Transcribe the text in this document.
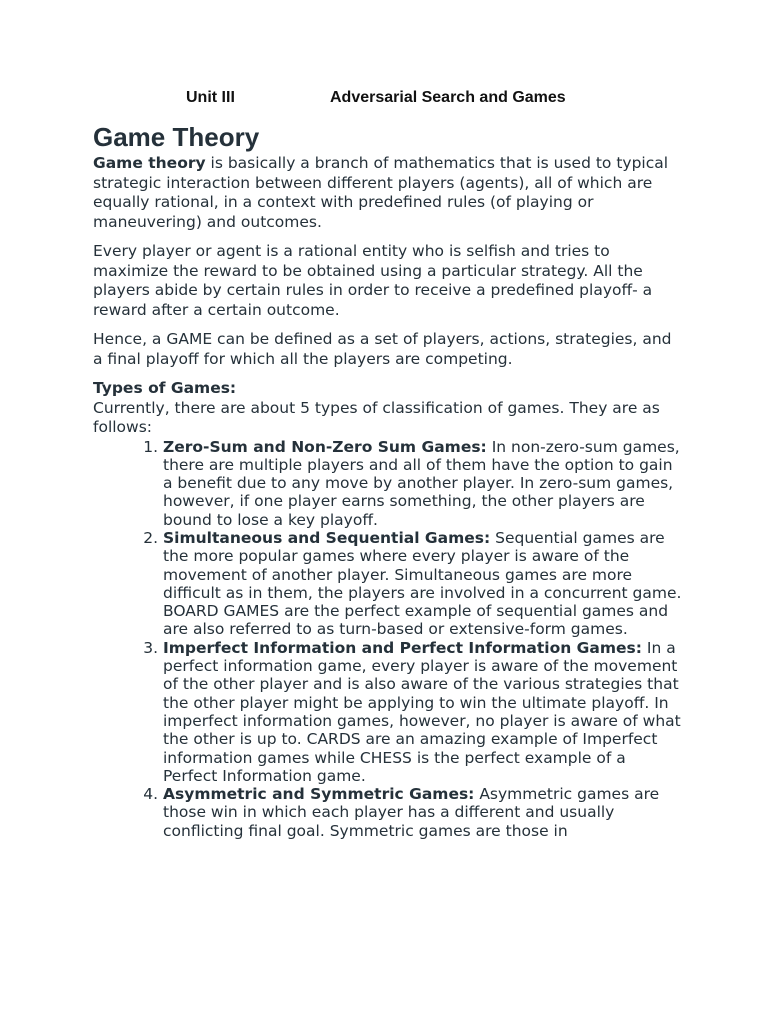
Unit III	Adversarial Search and Games
Game Theory

Game theory is basically a branch of mathematics that is used to typical strategic interaction between different players (agents), all of which are equally rational, in a context with predefined rules (of playing or maneuvering) and outcomes.

Every player or agent is a rational entity who is selfish and tries to maximize the reward to be obtained using a particular strategy. All the players abide by certain rules in order to receive a predefined playoff- a reward after a certain outcome.

Hence, a GAME can be defined as a set of players, actions, strategies, and a final playoff for which all the players are competing.

Types of Games:
Currently, there are about 5 types of classification of games. They are as follows:

1. Zero-Sum and Non-Zero Sum Games: In non-zero-sum games, there are multiple players and all of them have the option to gain a benefit due to any move by another player. In zero-sum games, however, if one player earns something, the other players are bound to lose a key playoff.
2. Simultaneous and Sequential Games: Sequential games are the more popular games where every player is aware of the movement of another player. Simultaneous games are more difficult as in them, the players are involved in a concurrent game. BOARD GAMES are the perfect example of sequential games and are also referred to as turn-based or extensive-form games.
3. Imperfect Information and Perfect Information Games: In a perfect information game, every player is aware of the movement of the other player and is also aware of the various strategies that the other player might be applying to win the ultimate playoff. In imperfect information games, however, no player is aware of what the other is up to. CARDS are an amazing example of Imperfect information games while CHESS is the perfect example of a Perfect Information game.
4. Asymmetric and Symmetric Games: Asymmetric games are those win in which each player has a different and usually conflicting final goal. Symmetric games are those in
